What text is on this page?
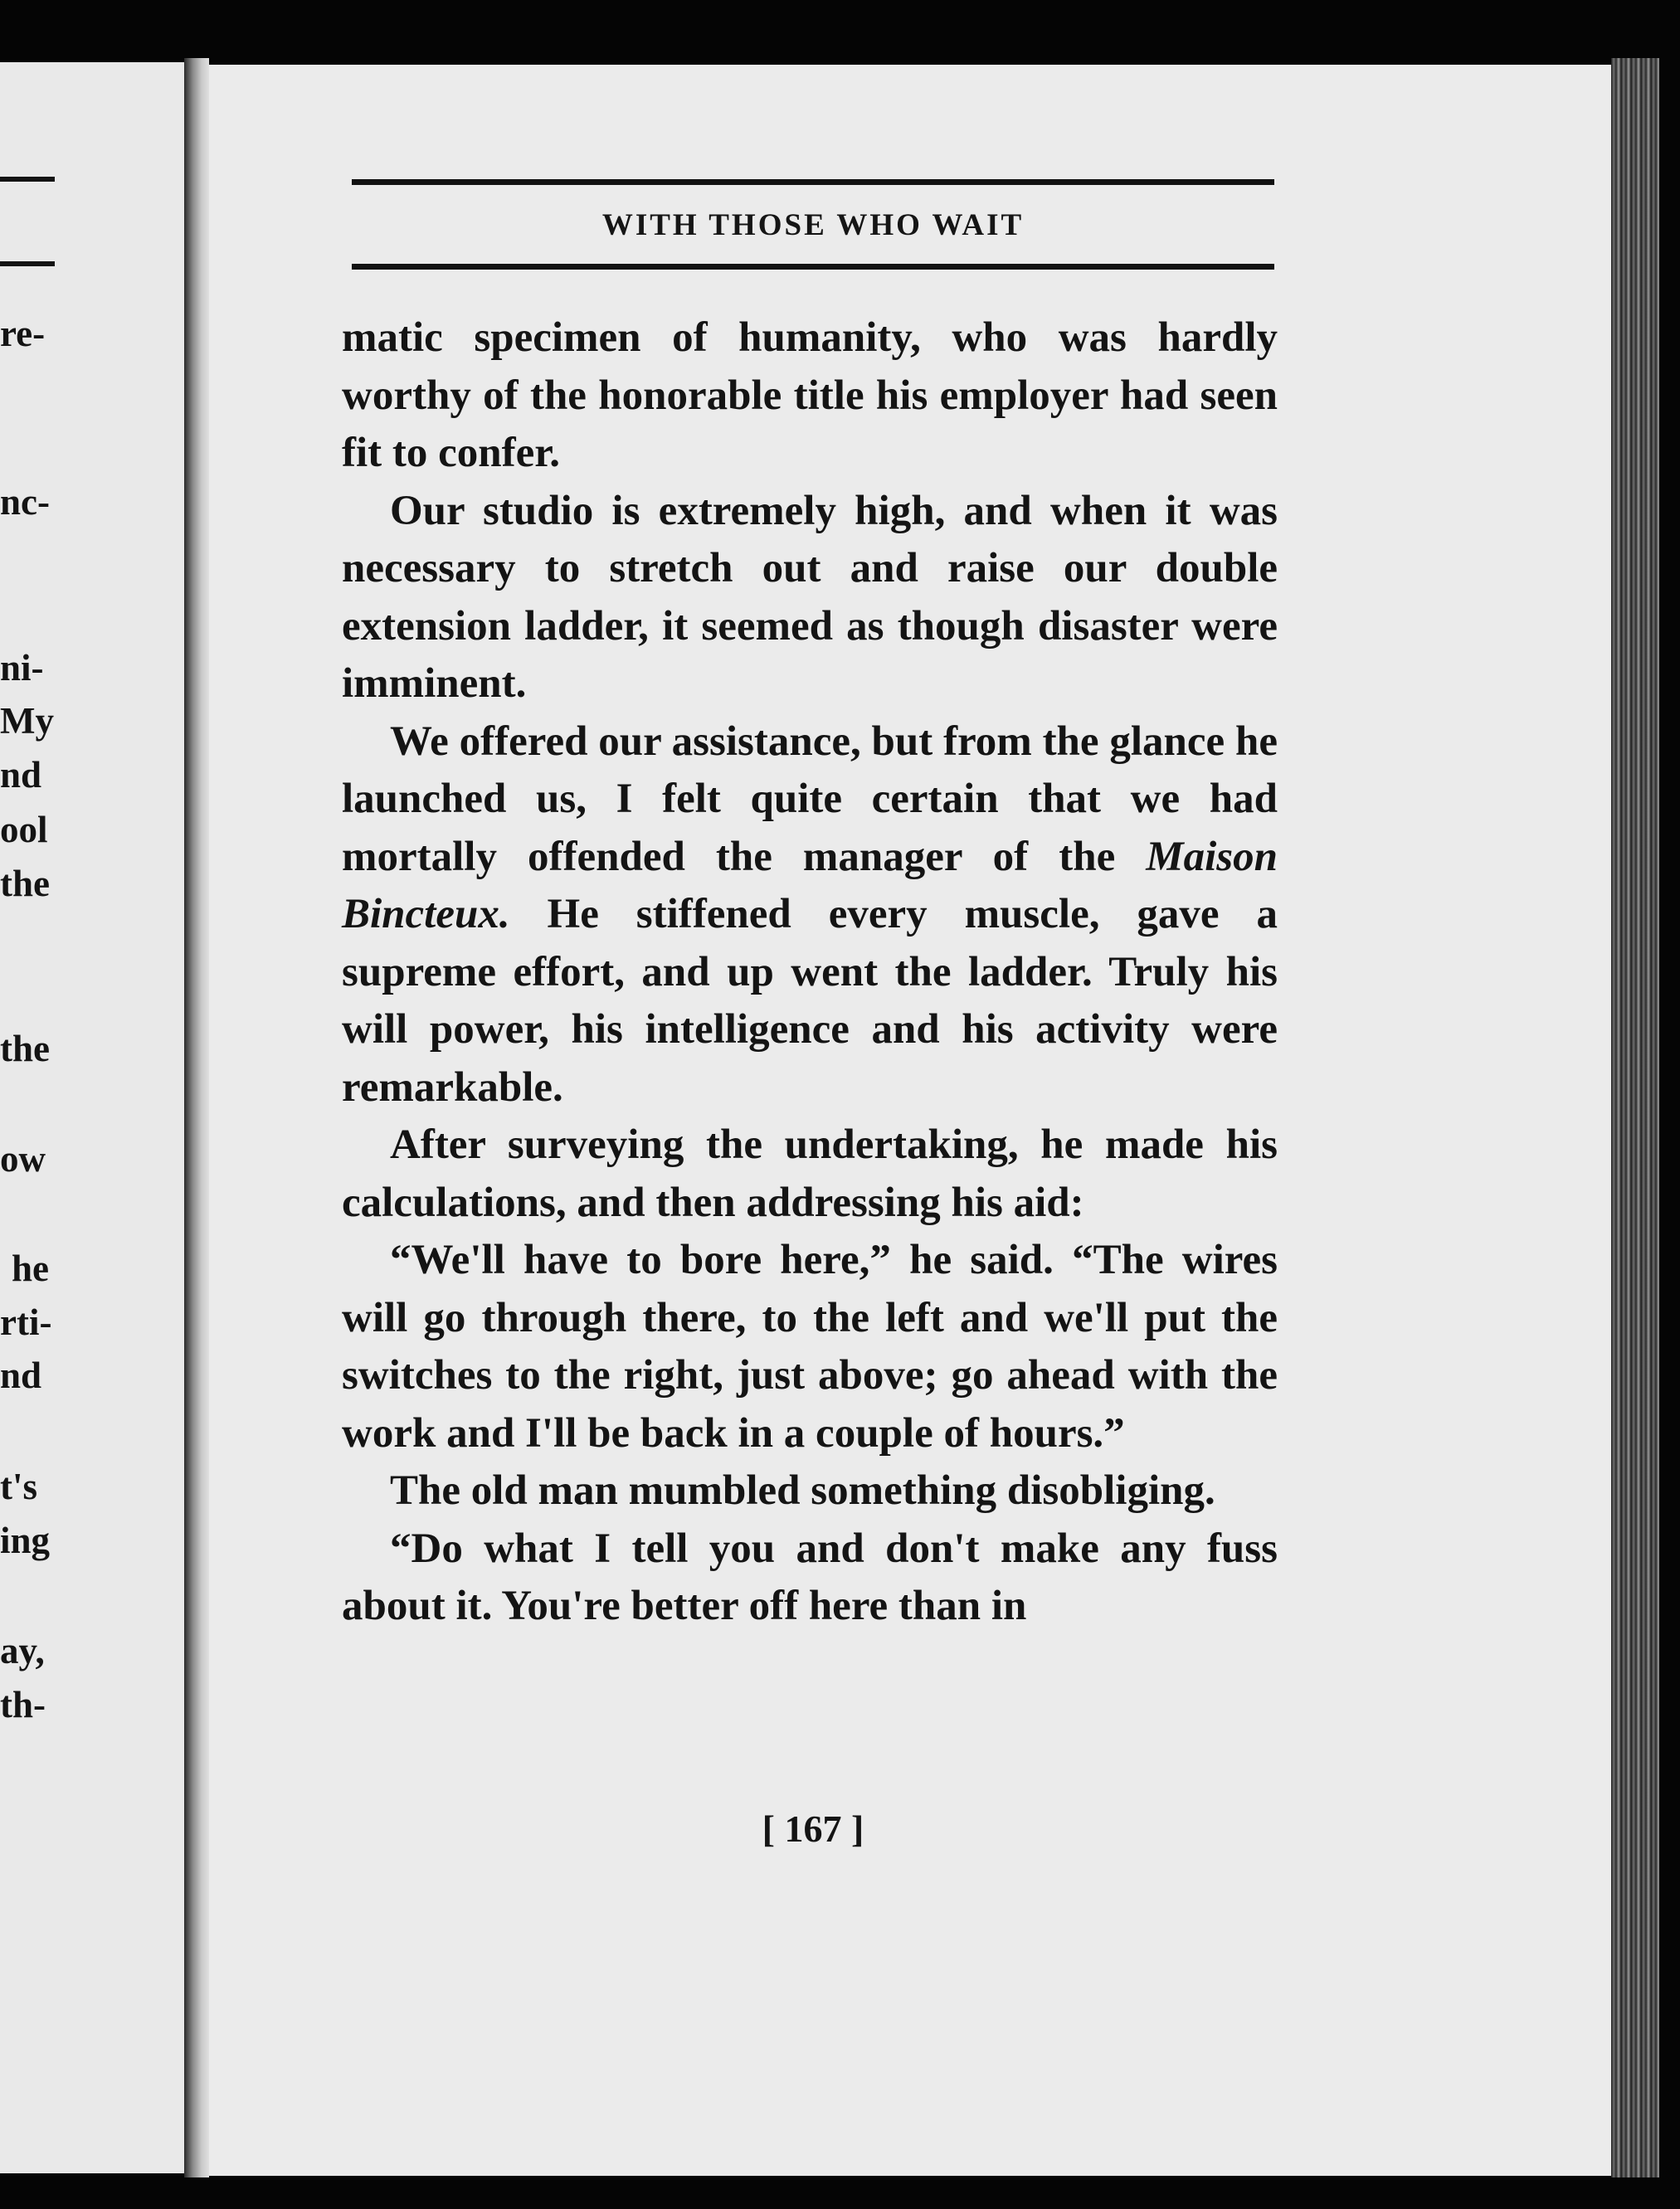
re-
nc-
ni-
My
nd
ool
the
the
ow
he
rti-
nd
t's
ing
ay,
th-
WITH THOSE WHO WAIT

matic specimen of humanity, who was hardly worthy of the honorable title his employer had seen fit to confer.

Our studio is extremely high, and when it was necessary to stretch out and raise our double extension ladder, it seemed as though disaster were imminent.

We offered our assistance, but from the glance he launched us, I felt quite certain that we had mortally offended the manager of the Maison Bincteux. He stiffened every muscle, gave a supreme effort, and up went the ladder. Truly his will power, his intelligence and his activity were remarkable.

After surveying the undertaking, he made his calculations, and then addressing his aid:

“We'll have to bore here,” he said. “The wires will go through there, to the left and we'll put the switches to the right, just above; go ahead with the work and I'll be back in a couple of hours.”

The old man mumbled something disobliging.

“Do what I tell you and don't make any fuss about it. You're better off here than in

[ 167 ]
